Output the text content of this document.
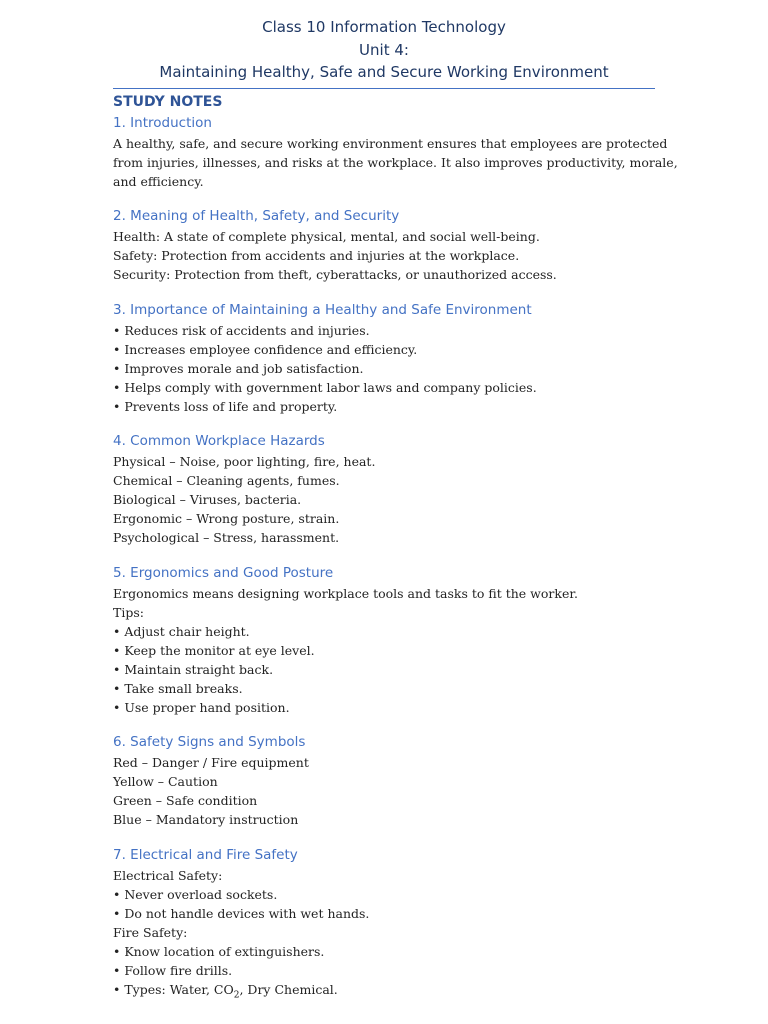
Class 10 Information Technology
Unit 4:
Maintaining Healthy, Safe and Secure Working Environment

STUDY NOTES

1. Introduction

A healthy, safe, and secure working environment ensures that employees are protected

from injuries, illnesses, and risks at the workplace. It also improves productivity, morale,

and efficiency.

2. Meaning of Health, Safety, and Security

Health: A state of complete physical, mental, and social well-being.

Safety: Protection from accidents and injuries at the workplace.

Security: Protection from theft, cyberattacks, or unauthorized access.

3. Importance of Maintaining a Healthy and Safe Environment

• Reduces risk of accidents and injuries.

• Increases employee confidence and efficiency.

• Improves morale and job satisfaction.

• Helps comply with government labor laws and company policies.

• Prevents loss of life and property.

4. Common Workplace Hazards

Physical – Noise, poor lighting, fire, heat.

Chemical – Cleaning agents, fumes.

Biological – Viruses, bacteria.

Ergonomic – Wrong posture, strain.

Psychological – Stress, harassment.

5. Ergonomics and Good Posture

Ergonomics means designing workplace tools and tasks to fit the worker.

Tips:

• Adjust chair height.

• Keep the monitor at eye level.

• Maintain straight back.

• Take small breaks.

• Use proper hand position.

6. Safety Signs and Symbols

Red – Danger / Fire equipment

Yellow – Caution

Green – Safe condition

Blue – Mandatory instruction

7. Electrical and Fire Safety

Electrical Safety:

• Never overload sockets.

• Do not handle devices with wet hands.

Fire Safety:

• Know location of extinguishers.

• Follow fire drills.

• Types: Water, $CO_2$, Dry Chemical.
